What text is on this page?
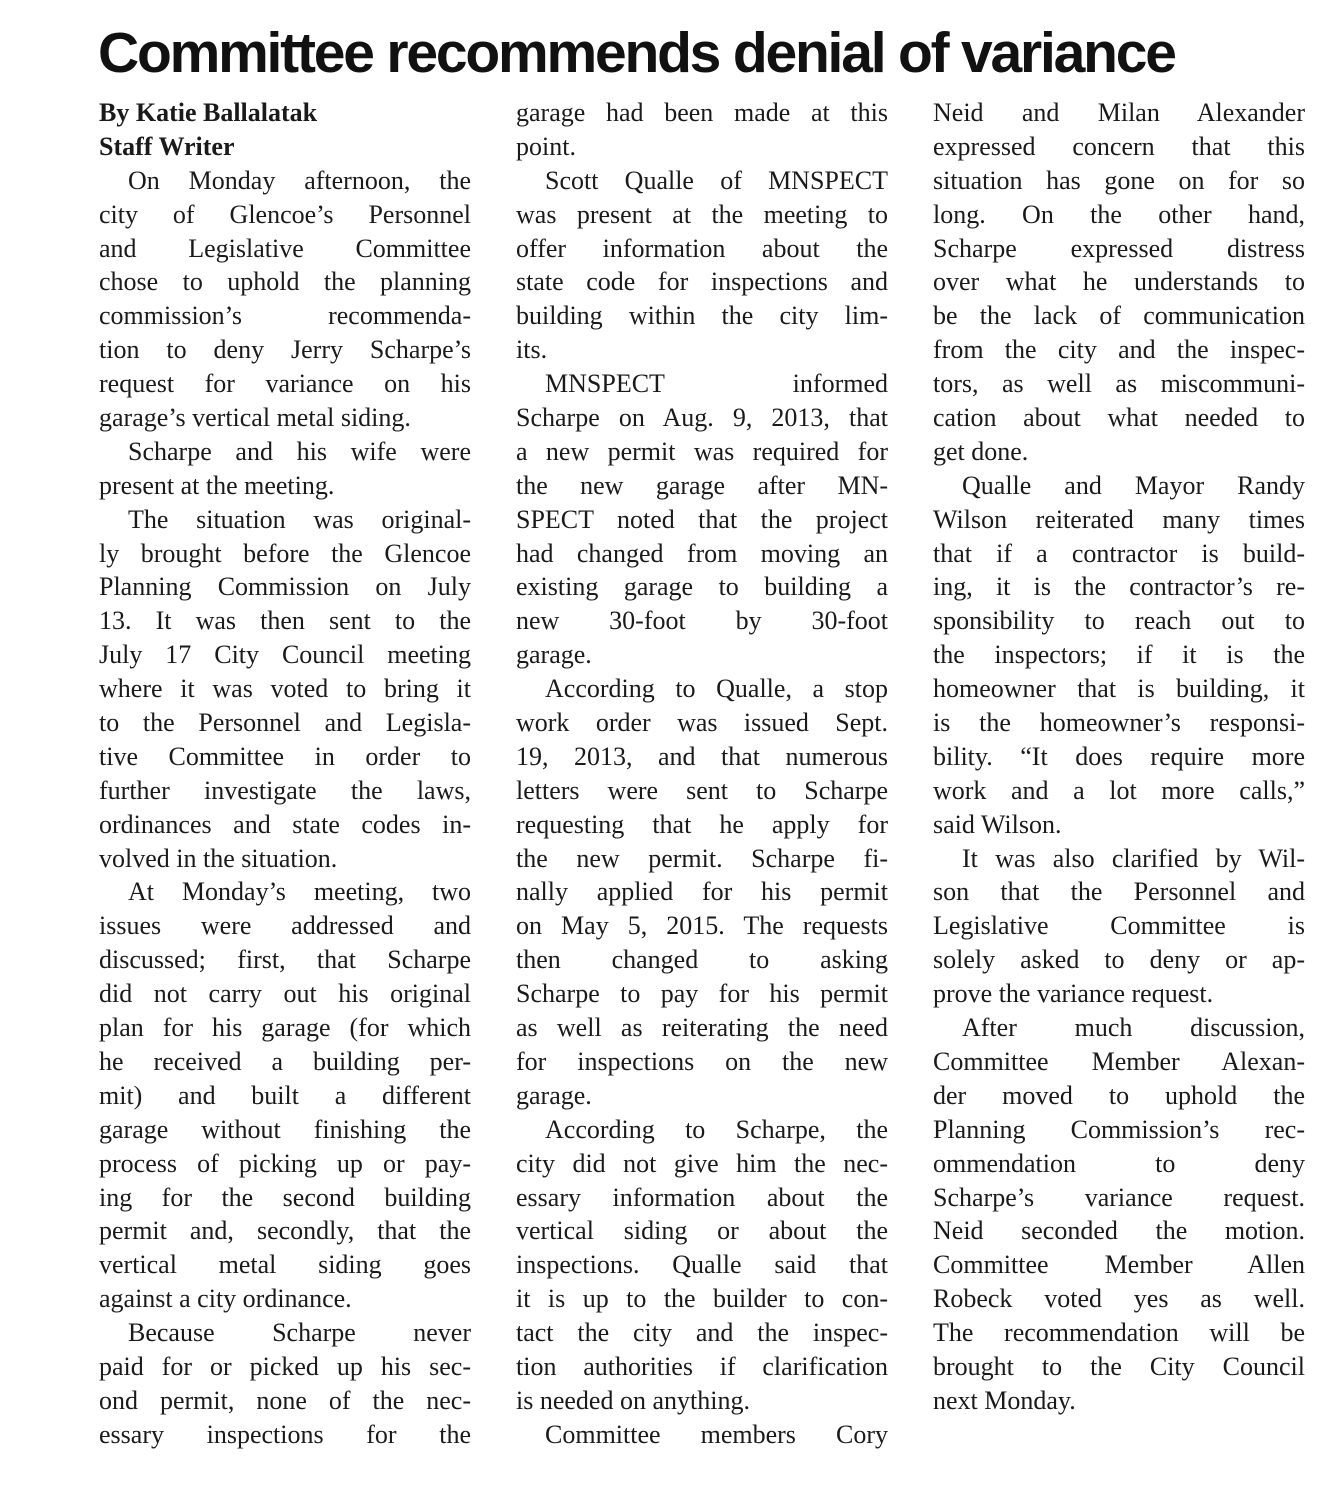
Committee recommends denial of variance
By Katie Ballalatak
Staff Writer
On Monday afternoon, the
city of Glencoe’s Personnel
and Legislative Committee
chose to uphold the planning
commission’s recommenda-
tion to deny Jerry Scharpe’s
request for variance on his
garage’s vertical metal siding.
Scharpe and his wife were
present at the meeting.
The situation was original-
ly brought before the Glencoe
Planning Commission on July
13. It was then sent to the
July 17 City Council meeting
where it was voted to bring it
to the Personnel and Legisla-
tive Committee in order to
further investigate the laws,
ordinances and state codes in-
volved in the situation.
At Monday’s meeting, two
issues were addressed and
discussed; first, that Scharpe
did not carry out his original
plan for his garage (for which
he received a building per-
mit) and built a different
garage without finishing the
process of picking up or pay-
ing for the second building
permit and, secondly, that the
vertical metal siding goes
against a city ordinance.
Because Scharpe never
paid for or picked up his sec-
ond permit, none of the nec-
essary inspections for the
garage had been made at this
point.
Scott Qualle of MNSPECT
was present at the meeting to
offer information about the
state code for inspections and
building within the city lim-
its.
MNSPECT informed
Scharpe on Aug. 9, 2013, that
a new permit was required for
the new garage after MN-
SPECT noted that the project
had changed from moving an
existing garage to building a
new 30-foot by 30-foot
garage.
According to Qualle, a stop
work order was issued Sept.
19, 2013, and that numerous
letters were sent to Scharpe
requesting that he apply for
the new permit. Scharpe fi-
nally applied for his permit
on May 5, 2015. The requests
then changed to asking
Scharpe to pay for his permit
as well as reiterating the need
for inspections on the new
garage.
According to Scharpe, the
city did not give him the nec-
essary information about the
vertical siding or about the
inspections. Qualle said that
it is up to the builder to con-
tact the city and the inspec-
tion authorities if clarification
is needed on anything.
Committee members Cory
Neid and Milan Alexander
expressed concern that this
situation has gone on for so
long. On the other hand,
Scharpe expressed distress
over what he understands to
be the lack of communication
from the city and the inspec-
tors, as well as miscommuni-
cation about what needed to
get done.
Qualle and Mayor Randy
Wilson reiterated many times
that if a contractor is build-
ing, it is the contractor’s re-
sponsibility to reach out to
the inspectors; if it is the
homeowner that is building, it
is the homeowner’s responsi-
bility. “It does require more
work and a lot more calls,”
said Wilson.
It was also clarified by Wil-
son that the Personnel and
Legislative Committee is
solely asked to deny or ap-
prove the variance request.
After much discussion,
Committee Member Alexan-
der moved to uphold the
Planning Commission’s rec-
ommendation to deny
Scharpe’s variance request.
Neid seconded the motion.
Committee Member Allen
Robeck voted yes as well.
The recommendation will be
brought to the City Council
next Monday.
